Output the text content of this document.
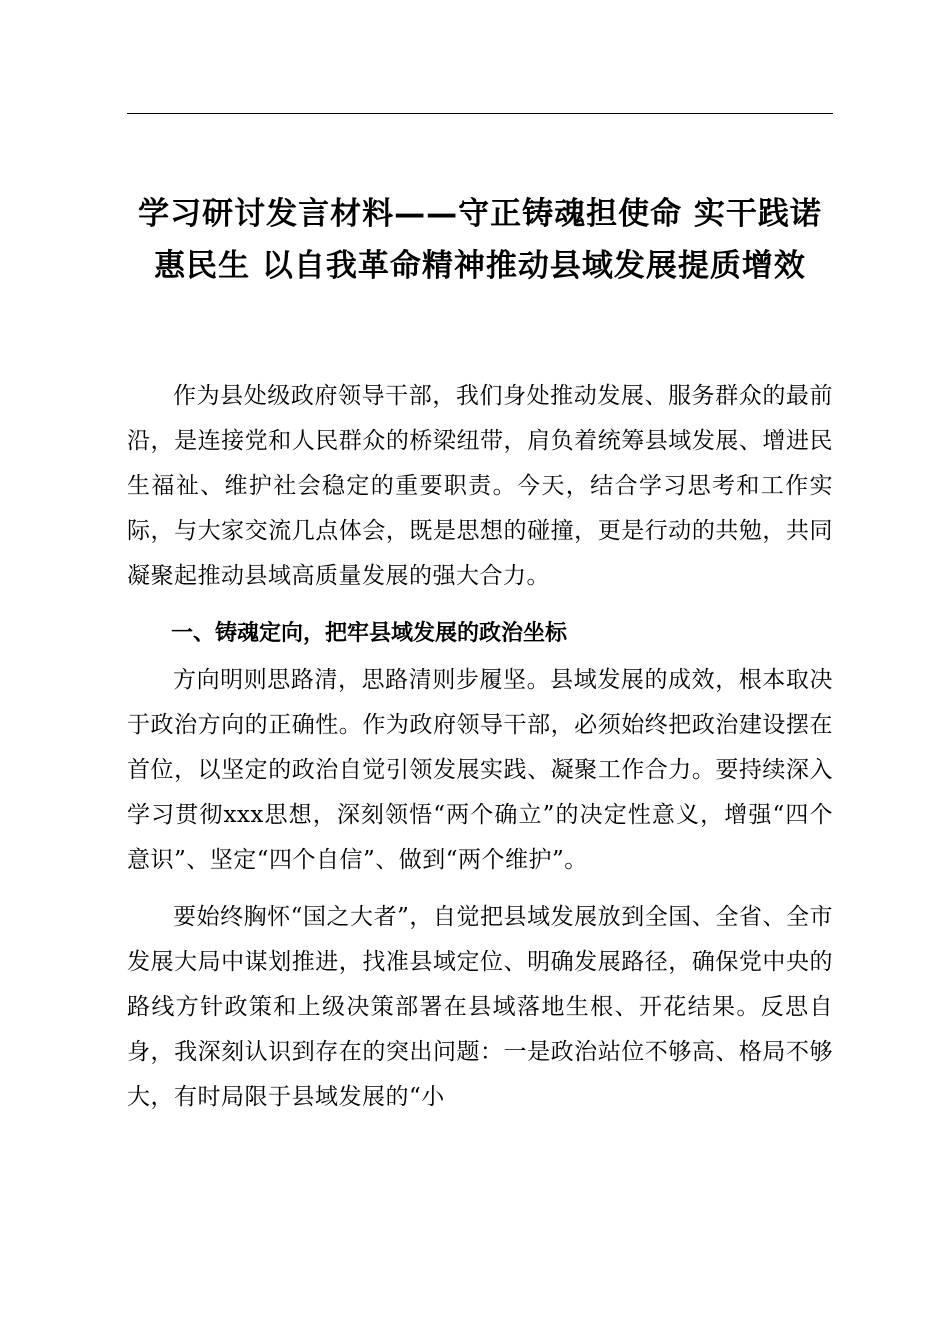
学习研讨发言材料——守正铸魂担使命 实干践诺惠民生 以自我革命精神推动县域发展提质增效

作为县处级政府领导干部，我们身处推动发展、服务群众的最前沿，是连接党和人民群众的桥梁纽带，肩负着统筹县域发展、增进民生福祉、维护社会稳定的重要职责。今天，结合学习思考和工作实际，与大家交流几点体会，既是思想的碰撞，更是行动的共勉，共同凝聚起推动县域高质量发展的强大合力。

一、铸魂定向，把牢县域发展的政治坐标

方向明则思路清，思路清则步履坚。县域发展的成效，根本取决于政治方向的正确性。作为政府领导干部，必须始终把政治建设摆在首位，以坚定的政治自觉引领发展实践、凝聚工作合力。要持续深入学习贯彻xxx思想，深刻领悟“两个确立”的决定性意义，增强“四个意识”、坚定“四个自信”、做到“两个维护”。

要始终胸怀“国之大者”，自觉把县域发展放到全国、全省、全市发展大局中谋划推进，找准县域定位、明确发展路径，确保党中央的路线方针政策和上级决策部署在县域落地生根、开花结果。反思自身，我深刻认识到存在的突出问题：一是政治站位不够高、格局不够大，有时局限于县域发展的“小
